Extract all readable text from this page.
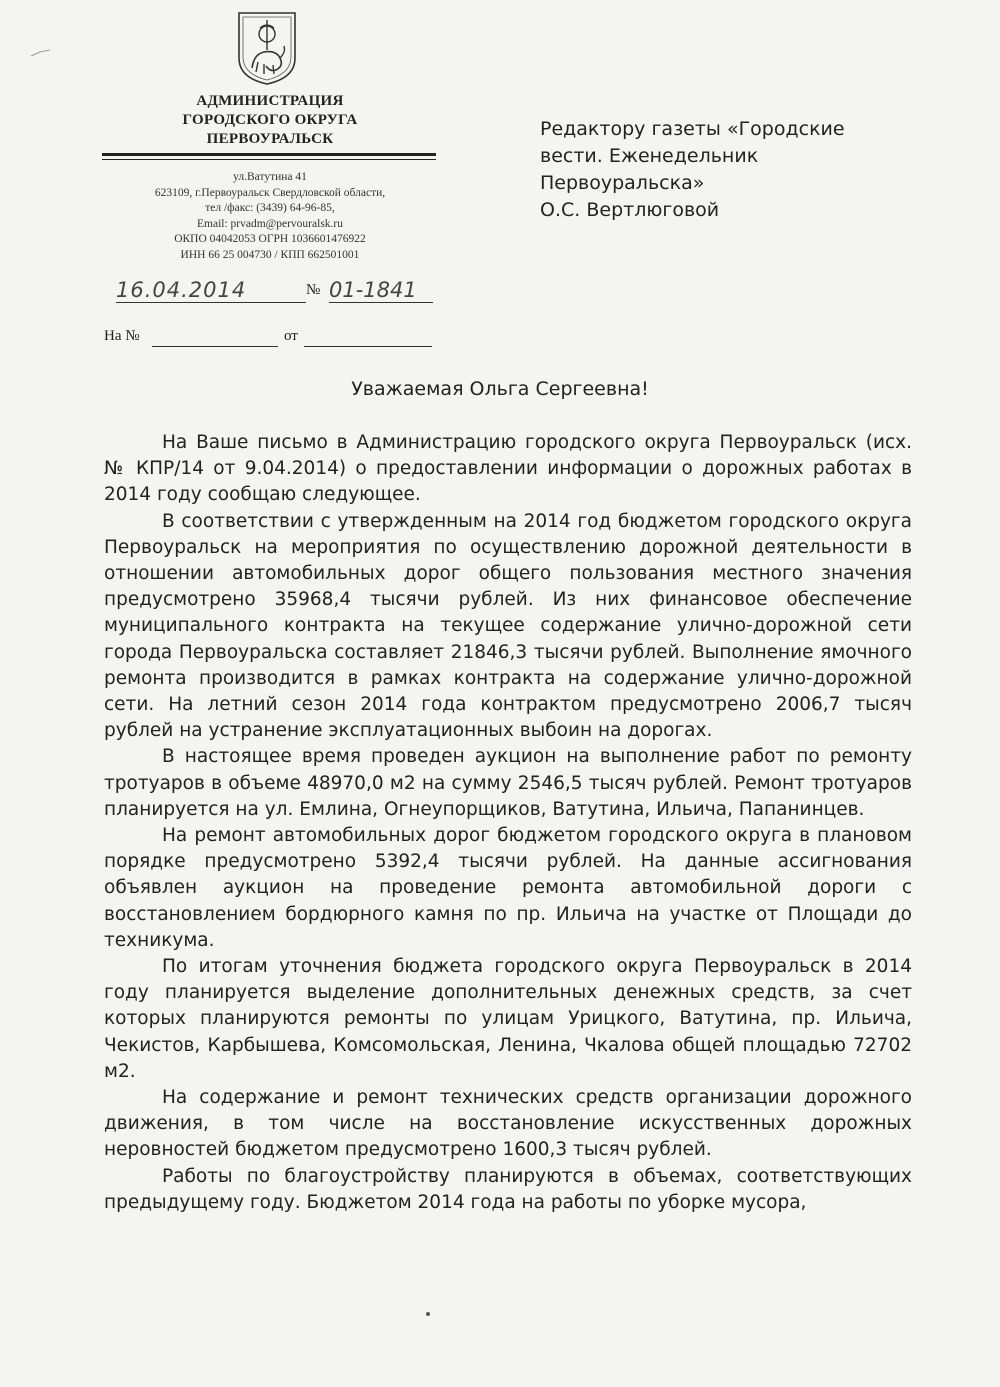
АДМИНИСТРАЦИЯ
ГОРОДСКОГО ОКРУГА
ПЕРВОУРАЛЬСК
ул.Ватутина 41
623109, г.Первоуральск Свердловской области,
тел /факс: (3439) 64-96-85,
Email: prvadm@pervouralsk.ru
ОКПО 04042053 ОГРН 1036601476922
ИНН 66 25 004730 / КПП 662501001
16.04.2014	№ 01-1841
На №	от
Редактору газеты «Городские
вести. Еженедельник
Первоуральска»
О.С. Вертлюговой
Уважаемая Ольга Сергеевна!

На Ваше письмо в Администрацию городского округа Первоуральск (исх. № КПР/14 от 9.04.2014) о предоставлении информации о дорожных работах в 2014 году сообщаю следующее.

В соответствии с утвержденным на 2014 год бюджетом городского округа Первоуральск на мероприятия по осуществлению дорожной деятельности в отношении автомобильных дорог общего пользования местного значения предусмотрено 35968,4 тысячи рублей. Из них финансовое обеспечение муниципального контракта на текущее содержание улично-дорожной сети города Первоуральска составляет 21846,3 тысячи рублей. Выполнение ямочного ремонта производится в рамках контракта на содержание улично-дорожной сети. На летний сезон 2014 года контрактом предусмотрено 2006,7 тысяч рублей на устранение эксплуатационных выбоин на дорогах.

В настоящее время проведен аукцион на выполнение работ по ремонту тротуаров в объеме 48970,0 м2 на сумму 2546,5 тысяч рублей. Ремонт тротуаров планируется на ул. Емлина, Огнеупорщиков, Ватутина, Ильича, Папанинцев.

На ремонт автомобильных дорог бюджетом городского округа в плановом порядке предусмотрено 5392,4 тысячи рублей. На данные ассигнования объявлен аукцион на проведение ремонта автомобильной дороги с восстановлением бордюрного камня по пр. Ильича на участке от Площади до техникума.

По итогам уточнения бюджета городского округа Первоуральск в 2014 году планируется выделение дополнительных денежных средств, за счет которых планируются ремонты по улицам Урицкого, Ватутина, пр. Ильича, Чекистов, Карбышева, Комсомольская, Ленина, Чкалова общей площадью 72702 м2.

На содержание и ремонт технических средств организации дорожного движения, в том числе на восстановление искусственных дорожных неровностей бюджетом предусмотрено 1600,3 тысяч рублей.

Работы по благоустройству планируются в объемах, соответствующих предыдущему году. Бюджетом 2014 года на работы по уборке мусора,
